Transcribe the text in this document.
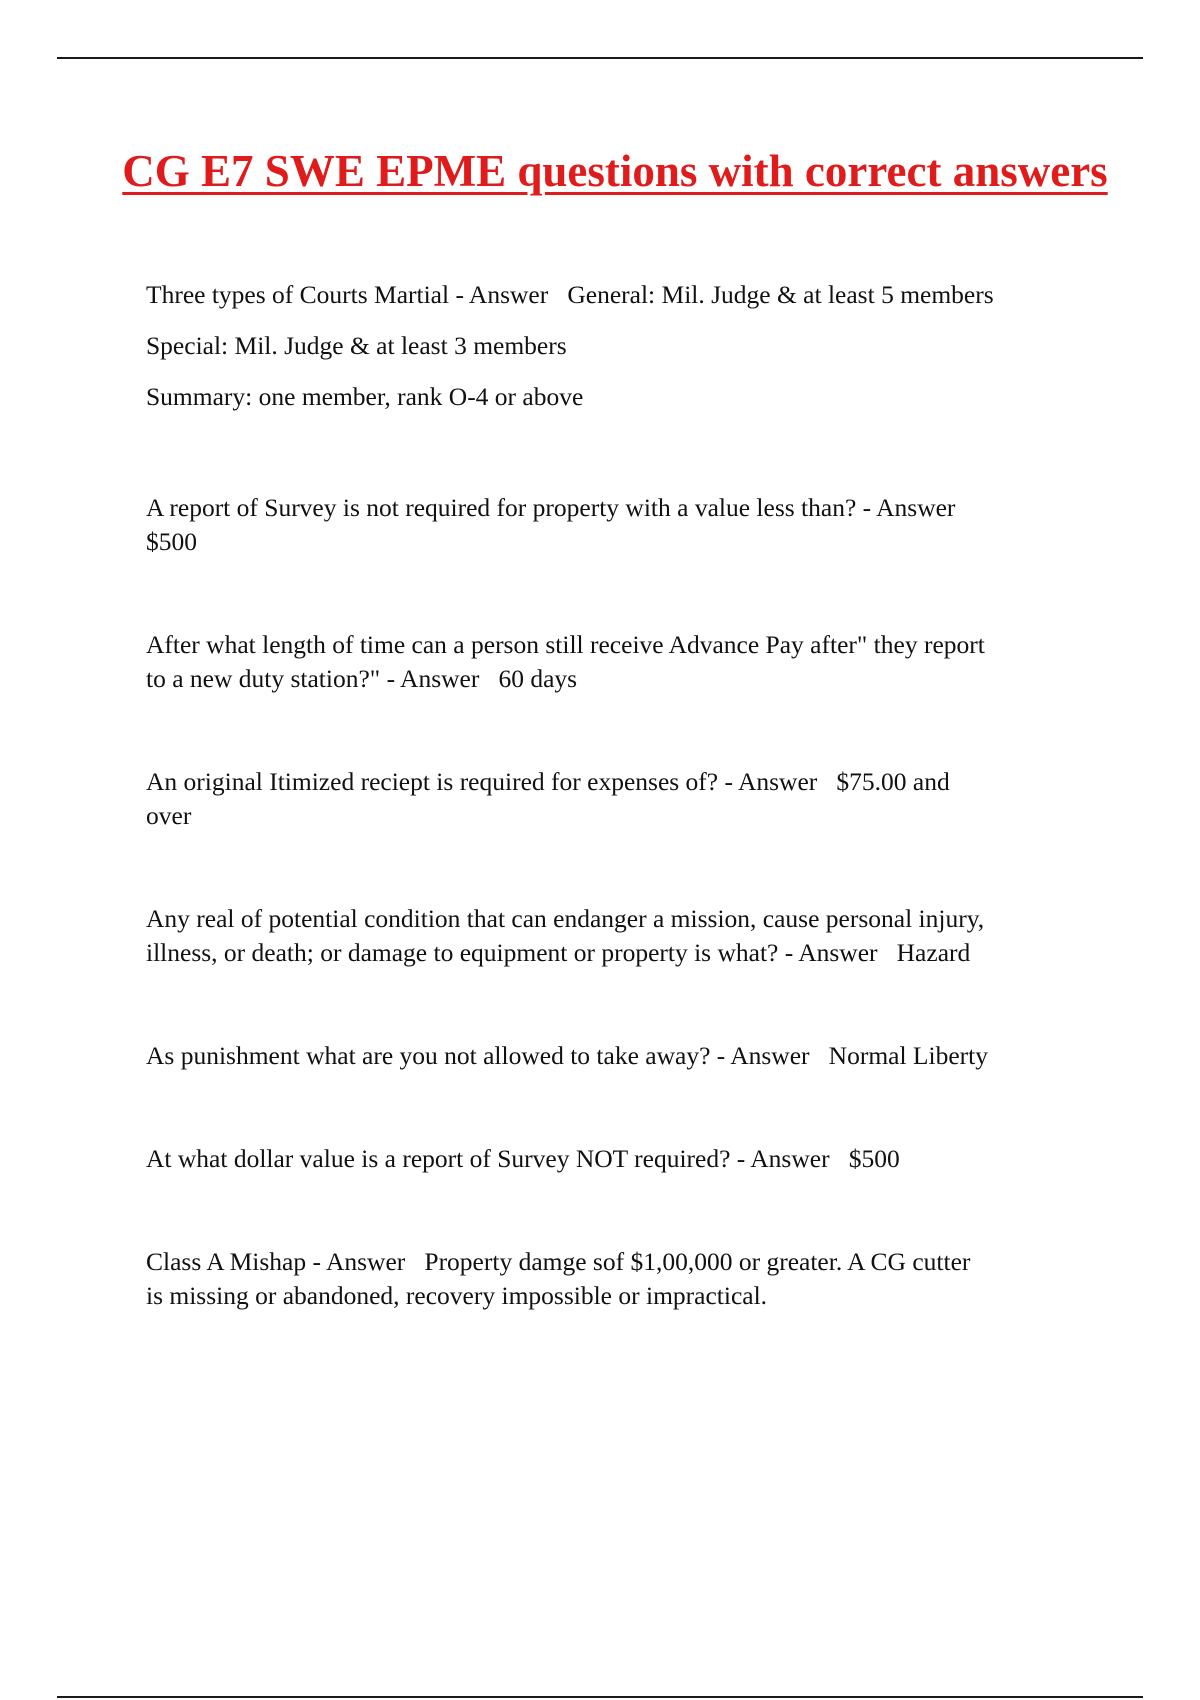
CG E7 SWE EPME questions with correct answers
Three types of Courts Martial - Answer   General: Mil. Judge & at least 5 members
Special: Mil. Judge & at least 3 members
Summary: one member, rank O-4 or above
A report of Survey is not required for property with a value less than? - Answer
$500
After what length of time can a person still receive Advance Pay after" they report
to a new duty station?" - Answer   60 days
An original Itimized reciept is required for expenses of? - Answer   $75.00 and
over
Any real of potential condition that can endanger a mission, cause personal injury,
illness, or death; or damage to equipment or property is what? - Answer   Hazard
As punishment what are you not allowed to take away? - Answer   Normal Liberty
At what dollar value is a report of Survey NOT required? - Answer   $500
Class A Mishap - Answer   Property damge sof $1,00,000 or greater. A CG cutter
is missing or abandoned, recovery impossible or impractical.
